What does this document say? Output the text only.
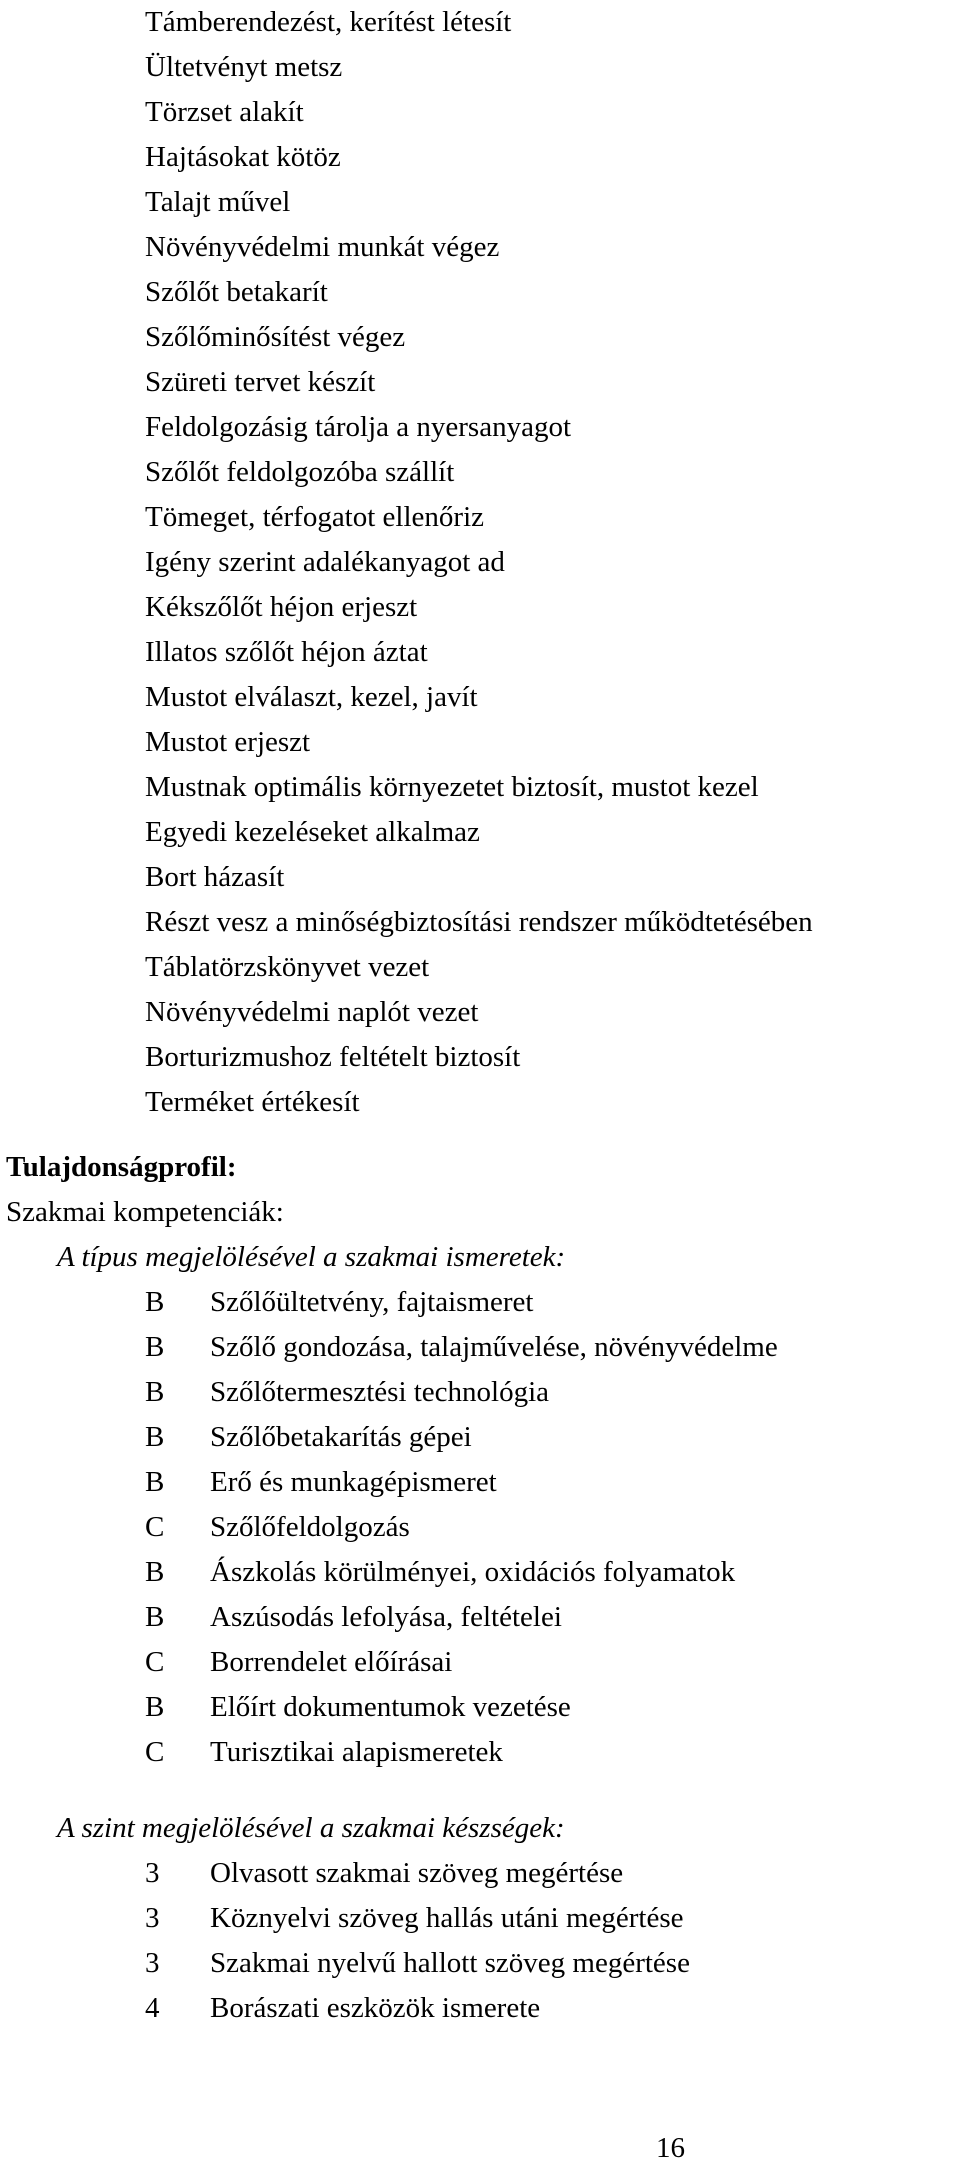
Támberendezést, kerítést létesít
Ültetvényt metsz
Törzset alakít
Hajtásokat kötöz
Talajt művel
Növényvédelmi munkát végez
Szőlőt betakarít
Szőlőminősítést végez
Szüreti tervet készít
Feldolgozásig tárolja a nyersanyagot
Szőlőt feldolgozóba szállít
Tömeget, térfogatot ellenőriz
Igény szerint adalékanyagot ad
Kékszőlőt héjon erjeszt
Illatos szőlőt héjon áztat
Mustot elválaszt, kezel, javít
Mustot erjeszt
Mustnak optimális környezetet biztosít, mustot kezel
Egyedi kezeléseket alkalmaz
Bort házasít
Részt vesz a minőségbiztosítási rendszer működtetésében
Táblatörzskönyvet vezet
Növényvédelmi naplót vezet
Borturizmushoz feltételt biztosít
Terméket értékesít
Tulajdonságprofil:
Szakmai kompetenciák:
A típus megjelölésével a szakmai ismeretek:
B	Szőlőültetvény, fajtaismeret
B	Szőlő gondozása, talajművelése, növényvédelme
B	Szőlőtermesztési technológia
B	Szőlőbetakarítás gépei
B	Erő és munkagépismeret
C	Szőlőfeldolgozás
B	Ászkolás körülményei, oxidációs folyamatok
B	Aszúsodás lefolyása, feltételei
C	Borrendelet előírásai
B	Előírt dokumentumok vezetése
C	Turisztikai alapismeretek
A szint megjelölésével a szakmai készségek:
3	Olvasott szakmai szöveg megértése
3	Köznyelvi szöveg hallás utáni megértése
3	Szakmai nyelvű hallott szöveg megértése
4	Borászati eszközök ismerete
16
